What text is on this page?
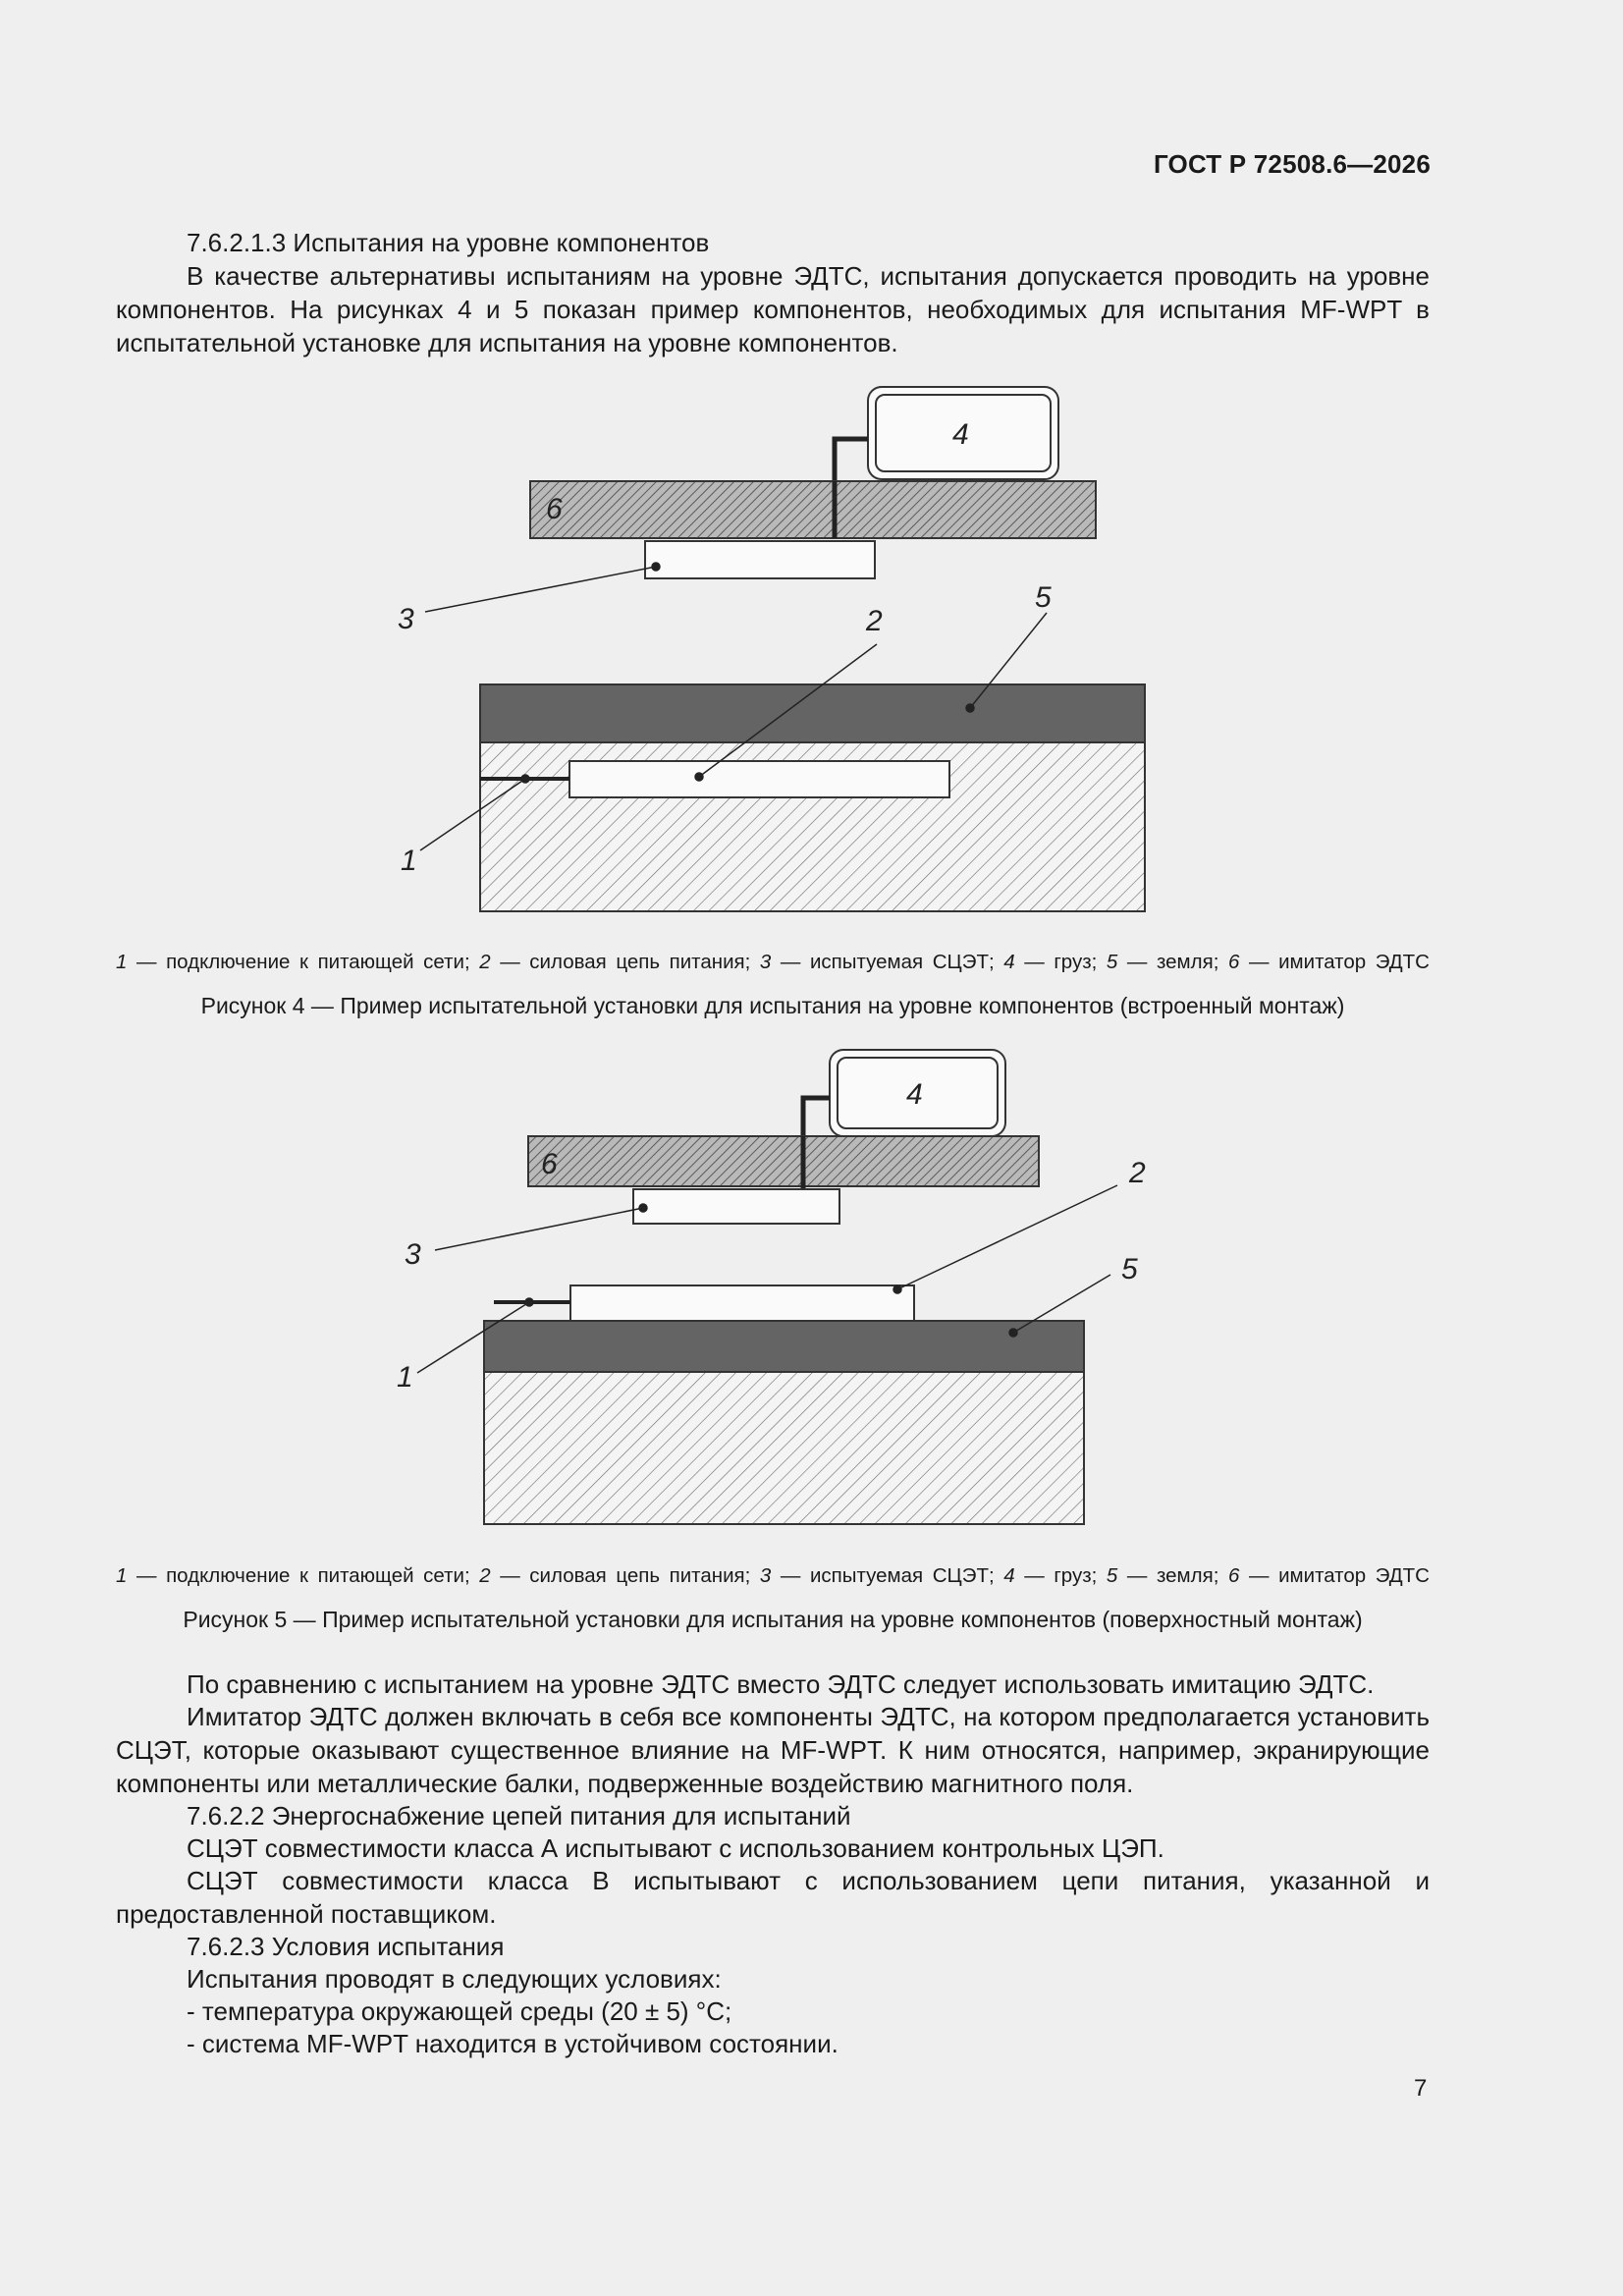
ГОСТ Р 72508.6—2026
7.6.2.1.3 Испытания на уровне компонентов
В качестве альтернативы испытаниям на уровне ЭДТС, испытания допускается проводить на уровне компонентов. На рисунках 4 и 5 показан пример компонентов, необходимых для испытания MF-WPT в испытательной установке для испытания на уровне компонентов.
4
6
3	2
5
1
1 — подключение к питающей сети; 2 — силовая цепь питания; 3 — испытуемая СЦЭТ; 4 — груз; 5 — земля; 6 — имитатор ЭДТС
Рисунок 4 — Пример испытательной установки для испытания на уровне компонентов (встроенный монтаж)
4
6
3
2
5
1
1 — подключение к питающей сети; 2 — силовая цепь питания; 3 — испытуемая СЦЭТ; 4 — груз; 5 — земля; 6 — имитатор ЭДТС
Рисунок 5 — Пример испытательной установки для испытания на уровне компонентов (поверхностный монтаж)
По сравнению с испытанием на уровне ЭДТС вместо ЭДТС следует использовать имитацию ЭДТС.
Имитатор ЭДТС должен включать в себя все компоненты ЭДТС, на котором предполагается установить СЦЭТ, которые оказывают существенное влияние на MF-WPT. К ним относятся, например, экранирующие компоненты или металлические балки, подверженные воздействию магнитного поля.
7.6.2.2 Энергоснабжение цепей питания для испытаний
СЦЭТ совместимости класса А испытывают с использованием контрольных ЦЭП.
СЦЭТ совместимости класса В испытывают с использованием цепи питания, указанной и предоставленной поставщиком.
7.6.2.3 Условия испытания
Испытания проводят в следующих условиях:
- температура окружающей среды (20 ± 5) °С;
- система MF-WPT находится в устойчивом состоянии.
7
